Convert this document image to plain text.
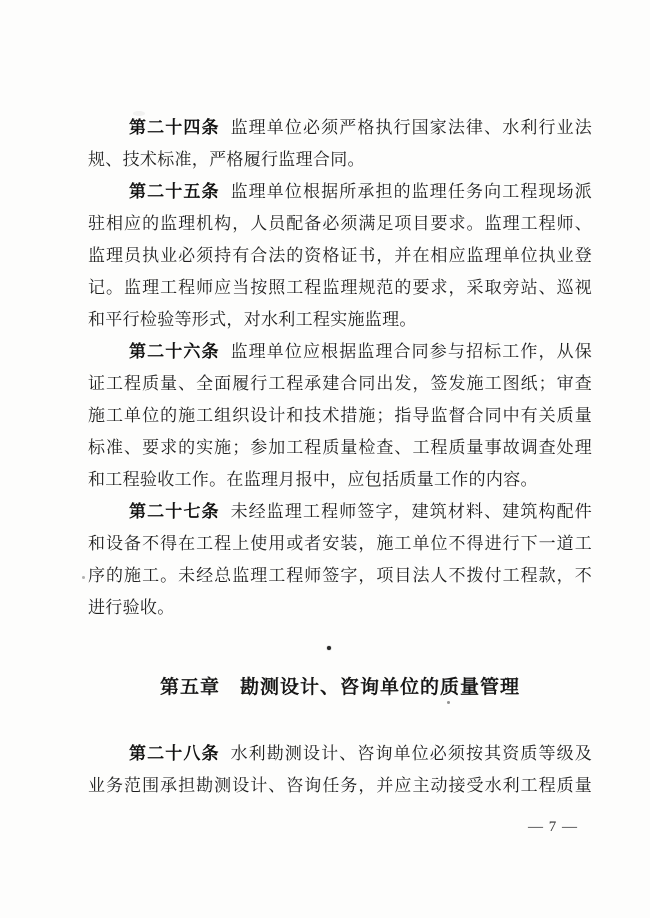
第二十四条 监理单位必须严格执行国家法律、水利行业法
规、技术标准，严格履行监理合同。
第二十五条 监理单位根据所承担的监理任务向工程现场派
驻相应的监理机构，人员配备必须满足项目要求。监理工程师、
监理员执业必须持有合法的资格证书，并在相应监理单位执业登
记。监理工程师应当按照工程监理规范的要求，采取旁站、巡视
和平行检验等形式，对水利工程实施监理。
第二十六条 监理单位应根据监理合同参与招标工作，从保
证工程质量、全面履行工程承建合同出发，签发施工图纸；审查
施工单位的施工组织设计和技术措施；指导监督合同中有关质量
标准、要求的实施；参加工程质量检查、工程质量事故调查处理
和工程验收工作。在监理月报中，应包括质量工作的内容。
第二十七条 未经监理工程师签字，建筑材料、建筑构配件
和设备不得在工程上使用或者安装，施工单位不得进行下一道工
序的施工。未经总监理工程师签字，项目法人不拨付工程款，不
进行验收。
第五章　勘测设计、咨询单位的质量管理
第二十八条 水利勘测设计、咨询单位必须按其资质等级及
业务范围承担勘测设计、咨询任务，并应主动接受水利工程质量
— 7 —
